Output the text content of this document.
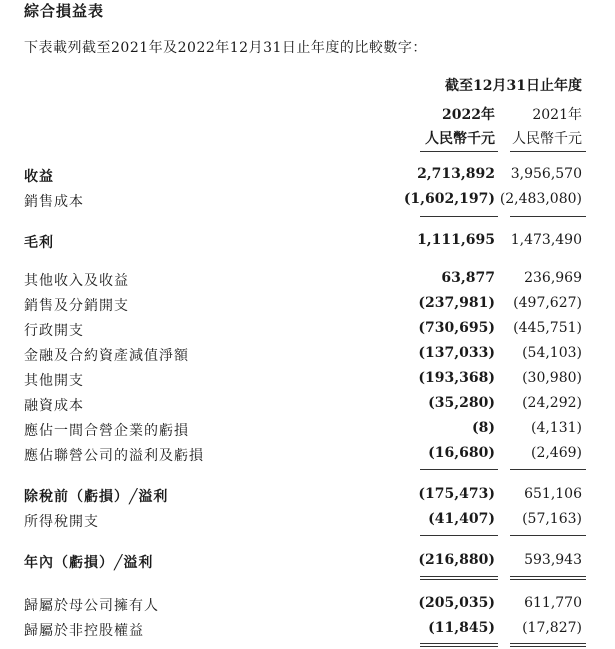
綜合損益表
下表載列截至2021年及2022年12月31日止年度的比較數字：
截至12月31日止年度
2022年	2021年
人民幣千元	人民幣千元
收益	2,713,892	3,956,570
銷售成本	(1,602,197) (2,483,080)
毛利	1,111,695	1,473,490
其他收入及收益	63,877	236,969
銷售及分銷開支	(237,981)	(497,627)
行政開支	(730,695)	(445,751)
金融及合約資產減值淨額	(137,033)	(54,103)
其他開支	(193,368)	(30,980)
融資成本	(35,280)	(24,292)
應佔一間合營企業的虧損	(8)	(4,131)
應佔聯營公司的溢利及虧損	(16,680)	(2,469)
除稅前（虧損）╱溢利	(175,473)	651,106
所得稅開支	(41,407)	(57,163)
年內（虧損）╱溢利	(216,880)	593,943
歸屬於母公司擁有人	(205,035)	611,770
歸屬於非控股權益	(11,845)	(17,827)
